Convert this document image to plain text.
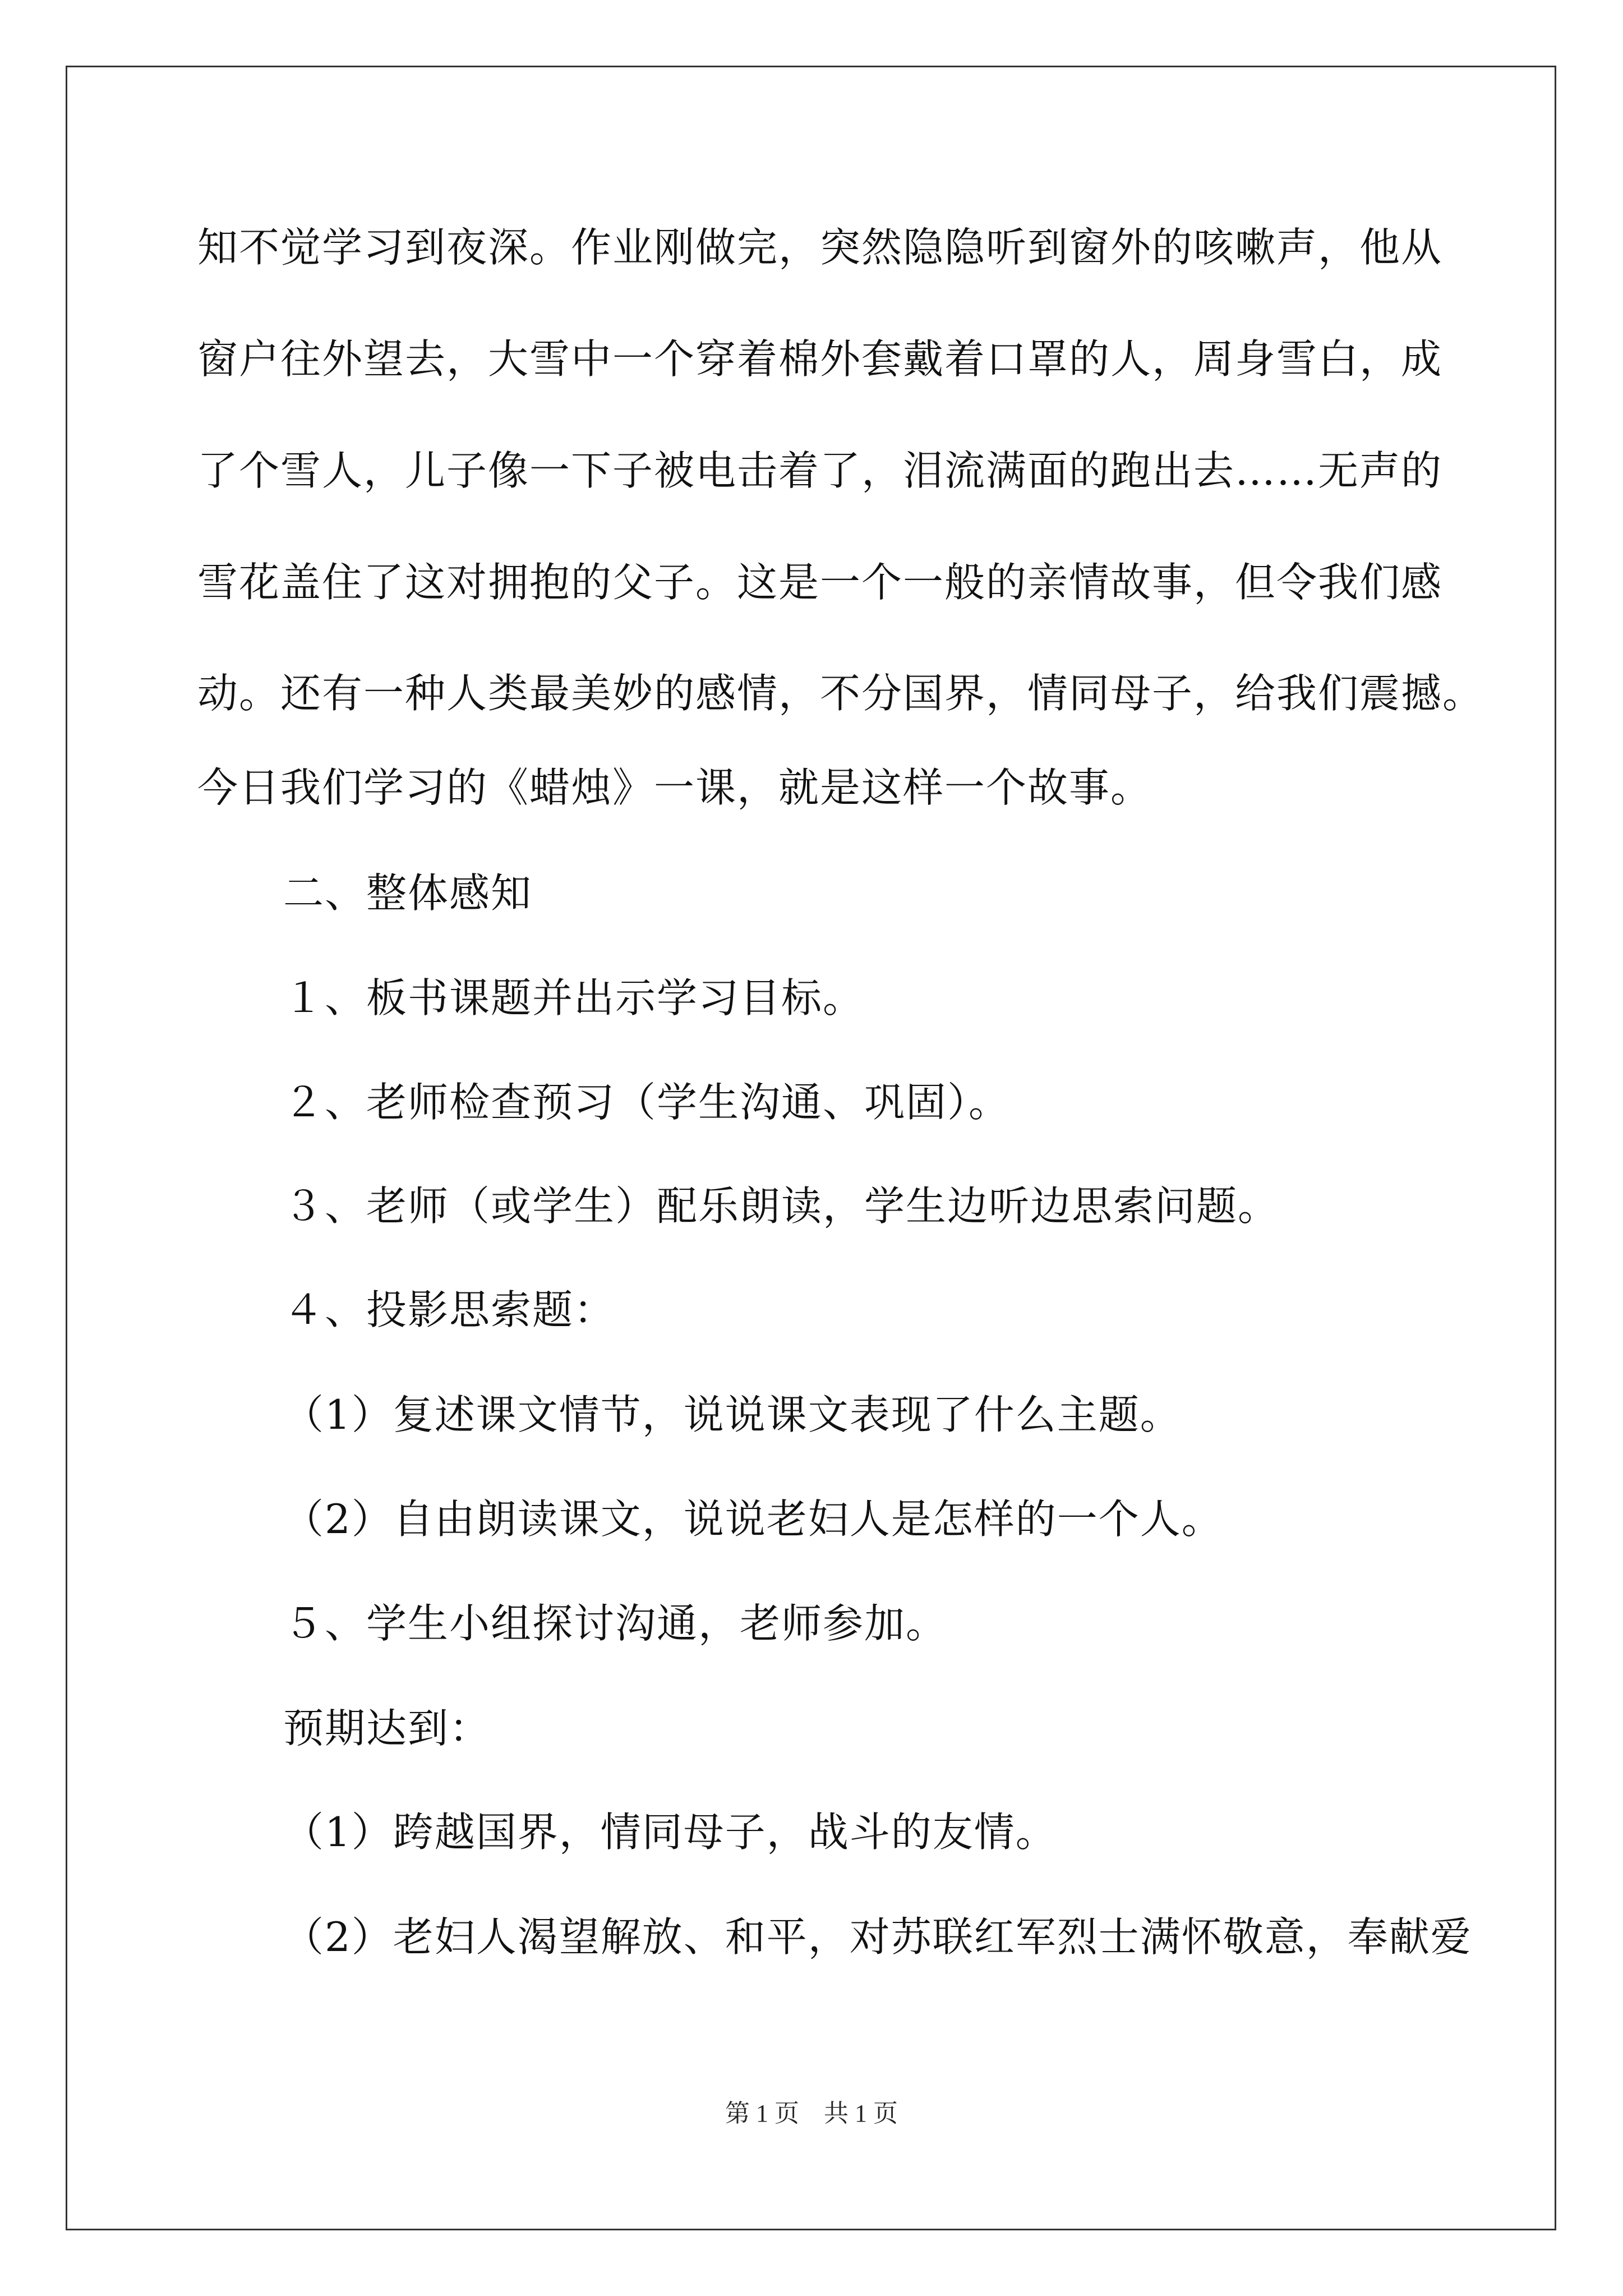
知不觉学习到夜深。作业刚做完，突然隐隐听到窗外的咳嗽声，他从
窗户往外望去，大雪中一个穿着棉外套戴着口罩的人，周身雪白，成
了个雪人，儿子像一下子被电击着了，泪流满面的跑出去……无声的
雪花盖住了这对拥抱的父子。这是一个一般的亲情故事，但令我们感
动。还有一种人类最美妙的感情，不分国界，情同母子，给我们震撼。
今日我们学习的《蜡烛》一课，就是这样一个故事。
二、整体感知
１、板书课题并出示学习目标。
２、老师检查预习（学生沟通、巩固）。
３、老师（或学生）配乐朗读，学生边听边思索问题。
４、投影思索题：
（1）复述课文情节，说说课文表现了什么主题。
（2）自由朗读课文，说说老妇人是怎样的一个人。
５、学生小组探讨沟通，老师参加。
预期达到：
（1）跨越国界，情同母子，战斗的友情。
（2）老妇人渴望解放、和平，对苏联红军烈士满怀敬意，奉献爱
第 1 页　共 1 页
